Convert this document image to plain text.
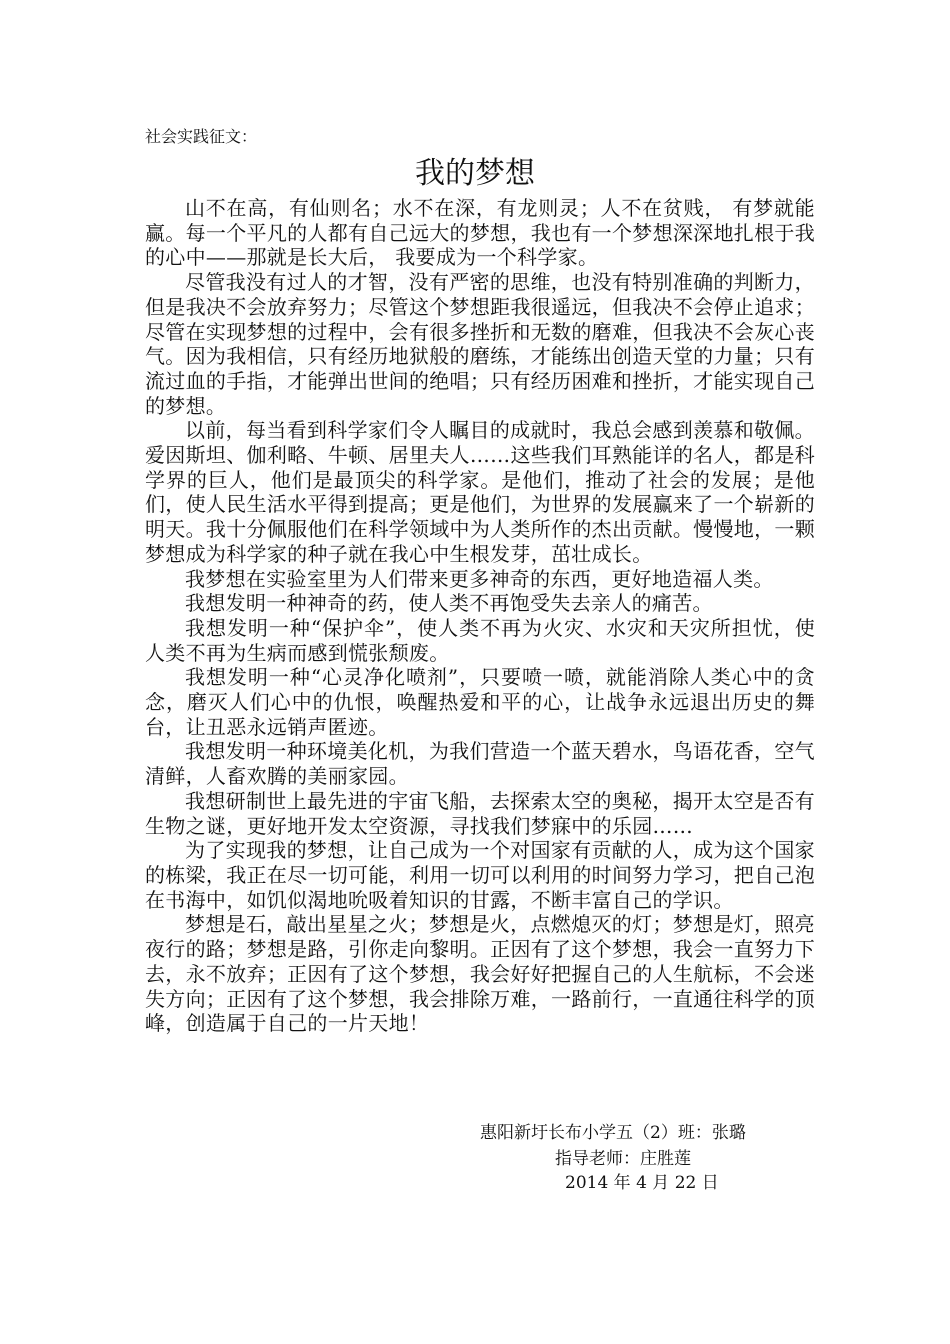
社会实践征文：
我的梦想

山不在高，有仙则名；水不在深，有龙则灵；人不在贫贱， 有梦就能赢。每一个平凡的人都有自己远大的梦想，我也有一个梦想深深地扎根于我的心中——那就是长大后， 我要成为一个科学家。

尽管我没有过人的才智，没有严密的思维，也没有特别准确的判断力，但是我决不会放弃努力；尽管这个梦想距我很遥远，但我决不会停止追求；尽管在实现梦想的过程中，会有很多挫折和无数的磨难，但我决不会灰心丧气。因为我相信，只有经历地狱般的磨练，才能练出创造天堂的力量；只有流过血的手指，才能弹出世间的绝唱；只有经历困难和挫折，才能实现自己的梦想。

以前，每当看到科学家们令人瞩目的成就时，我总会感到羡慕和敬佩。爱因斯坦、伽利略、牛顿、居里夫人……这些我们耳熟能详的名人，都是科学界的巨人，他们是最顶尖的科学家。是他们，推动了社会的发展；是他们，使人民生活水平得到提高；更是他们，为世界的发展赢来了一个崭新的明天。我十分佩服他们在科学领域中为人类所作的杰出贡献。慢慢地，一颗梦想成为科学家的种子就在我心中生根发芽，茁壮成长。

我梦想在实验室里为人们带来更多神奇的东西，更好地造福人类。

我想发明一种神奇的药，使人类不再饱受失去亲人的痛苦。

我想发明一种“保护伞”，使人类不再为火灾、水灾和天灾所担忧，使人类不再为生病而感到慌张颓废。

我想发明一种“心灵净化喷剂”，只要喷一喷，就能消除人类心中的贪念，磨灭人们心中的仇恨，唤醒热爱和平的心，让战争永远退出历史的舞台，让丑恶永远销声匿迹。

我想发明一种环境美化机，为我们营造一个蓝天碧水，鸟语花香，空气清鲜，人畜欢腾的美丽家园。

我想研制世上最先进的宇宙飞船，去探索太空的奥秘，揭开太空是否有生物之谜，更好地开发太空资源，寻找我们梦寐中的乐园……

为了实现我的梦想，让自己成为一个对国家有贡献的人，成为这个国家的栋梁，我正在尽一切可能，利用一切可以利用的时间努力学习，把自己泡在书海中，如饥似渴地吮吸着知识的甘露，不断丰富自己的学识。

梦想是石，敲出星星之火；梦想是火，点燃熄灭的灯；梦想是灯，照亮夜行的路；梦想是路，引你走向黎明。正因有了这个梦想，我会一直努力下去，永不放弃；正因有了这个梦想，我会好好把握自己的人生航标，不会迷失方向；正因有了这个梦想，我会排除万难，一路前行，一直通往科学的顶峰，创造属于自己的一片天地！

惠阳新圩长布小学五（2）班：张璐
指导老师：庄胜莲
2014 年 4 月 22 日
